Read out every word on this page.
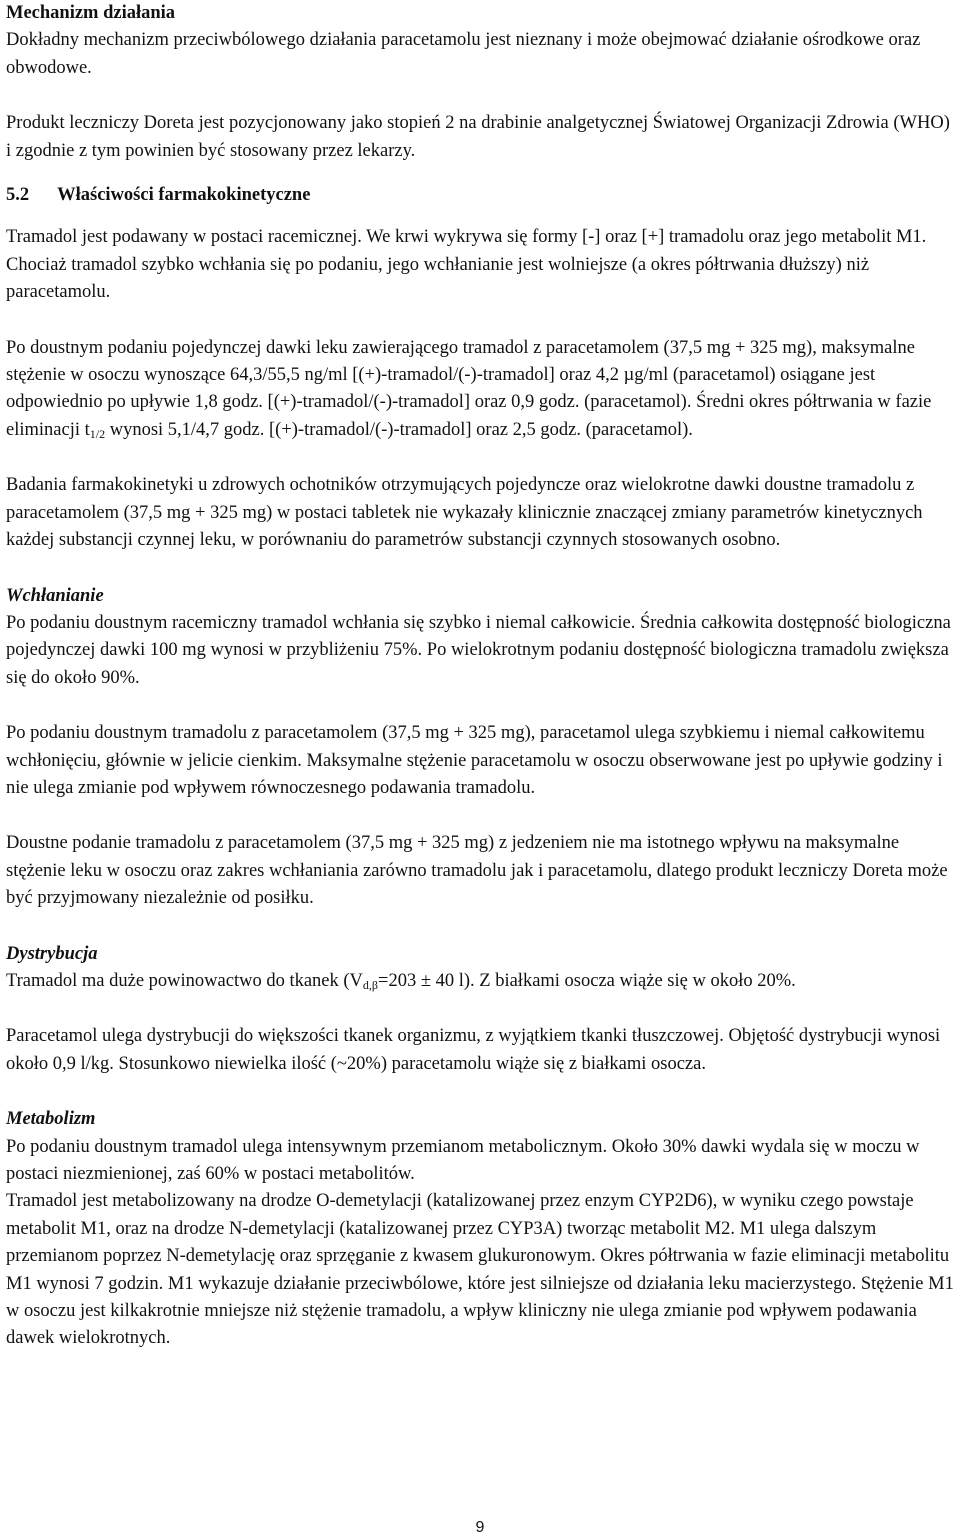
Mechanizm działania

Dokładny mechanizm przeciwbólowego działania paracetamolu jest nieznany i może obejmować działanie ośrodkowe oraz obwodowe.

Produkt leczniczy Doreta jest pozycjonowany jako stopień 2 na drabinie analgetycznej Światowej Organizacji Zdrowia (WHO) i zgodnie z tym powinien być stosowany przez lekarzy.

5.2 Właściwości farmakokinetyczne

Tramadol jest podawany w postaci racemicznej. We krwi wykrywa się formy [-] oraz [+] tramadolu oraz jego metabolit M1. Chociaż tramadol szybko wchłania się po podaniu, jego wchłanianie jest wolniejsze (a okres półtrwania dłuższy) niż paracetamolu.

Po doustnym podaniu pojedynczej dawki leku zawierającego tramadol z paracetamolem (37,5 mg + 325 mg), maksymalne stężenie w osoczu wynoszące 64,3/55,5 ng/ml [(+)-tramadol/(-)-tramadol] oraz 4,2 µg/ml (paracetamol) osiągane jest odpowiednio po upływie 1,8 godz. [(+)-tramadol/(-)-tramadol] oraz 0,9 godz. (paracetamol). Średni okres półtrwania w fazie eliminacji $t_{1/2}$ wynosi 5,1/4,7 godz. [(+)-tramadol/(-)-tramadol] oraz 2,5 godz. (paracetamol).

Badania farmakokinetyki u zdrowych ochotników otrzymujących pojedyncze oraz wielokrotne dawki doustne tramadolu z paracetamolem (37,5 mg + 325 mg) w postaci tabletek nie wykazały klinicznie znaczącej zmiany parametrów kinetycznych każdej substancji czynnej leku, w porównaniu do parametrów substancji czynnych stosowanych osobno.

Wchłanianie

Po podaniu doustnym racemiczny tramadol wchłania się szybko i niemal całkowicie. Średnia całkowita dostępność biologiczna pojedynczej dawki 100 mg wynosi w przybliżeniu 75%. Po wielokrotnym podaniu dostępność biologiczna tramadolu zwiększa się do około 90%.

Po podaniu doustnym tramadolu z paracetamolem (37,5 mg + 325 mg), paracetamol ulega szybkiemu i niemal całkowitemu wchłonięciu, głównie w jelicie cienkim. Maksymalne stężenie paracetamolu w osoczu obserwowane jest po upływie godziny i nie ulega zmianie pod wpływem równoczesnego podawania tramadolu.

Doustne podanie tramadolu z paracetamolem (37,5 mg + 325 mg) z jedzeniem nie ma istotnego wpływu na maksymalne stężenie leku w osoczu oraz zakres wchłaniania zarówno tramadolu jak i paracetamolu, dlatego produkt leczniczy Doreta może być przyjmowany niezależnie od posiłku.

Dystrybucja

Tramadol ma duże powinowactwo do tkanek ($V_{d,\beta}=203 \pm 40$ l). Z białkami osocza wiąże się w około 20%.

Paracetamol ulega dystrybucji do większości tkanek organizmu, z wyjątkiem tkanki tłuszczowej. Objętość dystrybucji wynosi około 0,9 l/kg. Stosunkowo niewielka ilość (~20%) paracetamolu wiąże się z białkami osocza.

Metabolizm

Po podaniu doustnym tramadol ulega intensywnym przemianom metabolicznym. Około 30% dawki wydala się w moczu w postaci niezmienionej, zaś 60% w postaci metabolitów.

Tramadol jest metabolizowany na drodze O-demetylacji (katalizowanej przez enzym CYP2D6), w wyniku czego powstaje metabolit M1, oraz na drodze N-demetylacji (katalizowanej przez CYP3A) tworząc metabolit M2. M1 ulega dalszym przemianom poprzez N-demetylację oraz sprzęganie z kwasem glukuronowym. Okres półtrwania w fazie eliminacji metabolitu M1 wynosi 7 godzin. M1 wykazuje działanie przeciwbólowe, które jest silniejsze od działania leku macierzystego. Stężenie M1 w osoczu jest kilkakrotnie mniejsze niż stężenie tramadolu, a wpływ kliniczny nie ulega zmianie pod wpływem podawania dawek wielokrotnych.

9
